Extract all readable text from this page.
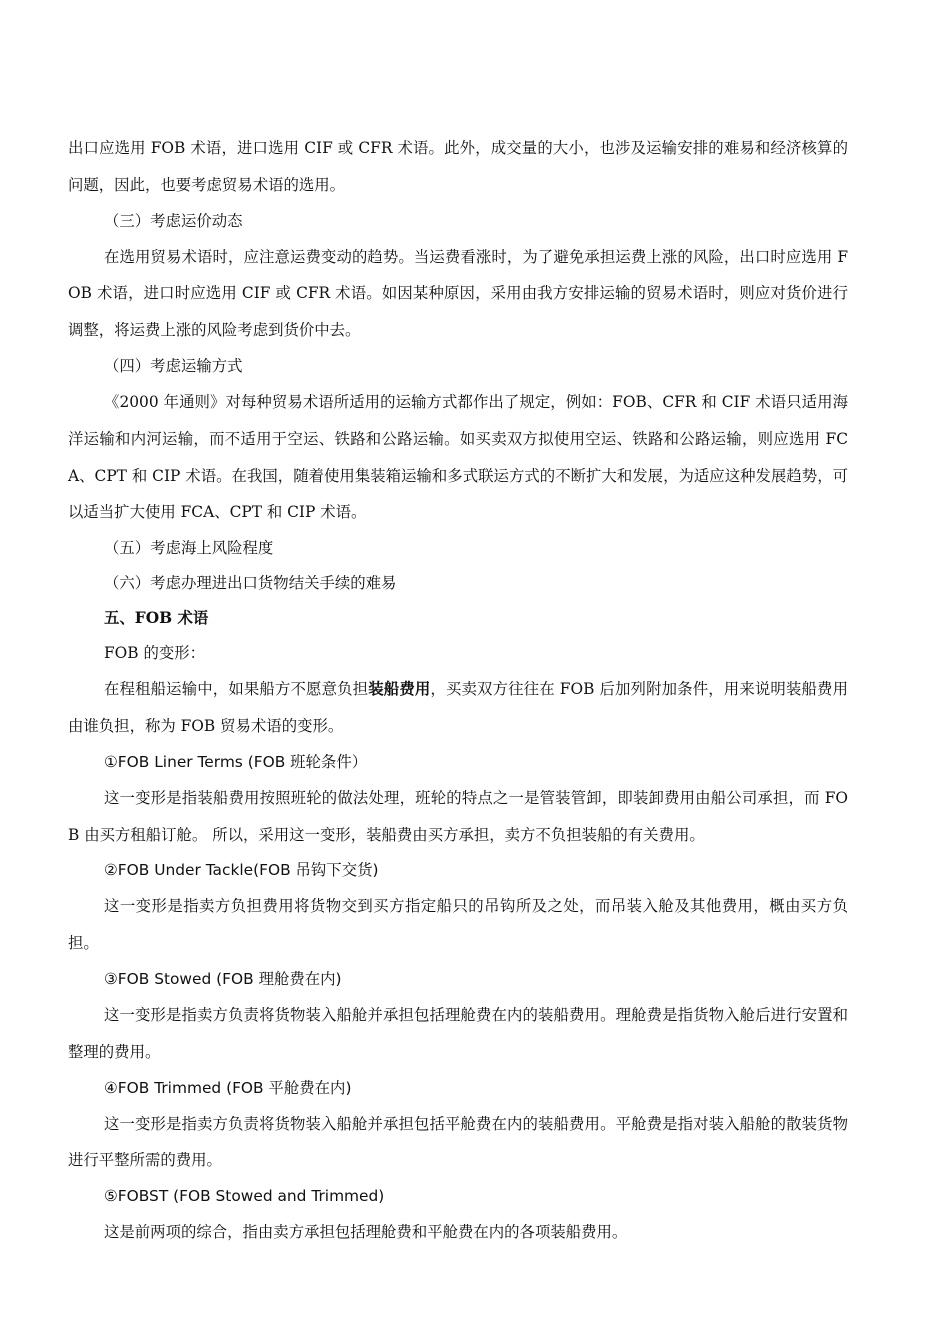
出口应选用 FOB 术语，进口选用 CIF 或 CFR 术语。此外，成交量的大小，也涉及运输安排的难易和经济核算的问题，因此，也要考虑贸易术语的选用。

（三）考虑运价动态

在选用贸易术语时，应注意运费变动的趋势。当运费看涨时，为了避免承担运费上涨的风险，出口时应选用 FOB 术语，进口时应选用 CIF 或 CFR 术语。如因某种原因，采用由我方安排运输的贸易术语时，则应对货价进行调整，将运费上涨的风险考虑到货价中去。

（四）考虑运输方式

《2000 年通则》对每种贸易术语所适用的运输方式都作出了规定，例如：FOB、CFR 和 CIF 术语只适用海洋运输和内河运输，而不适用于空运、铁路和公路运输。如买卖双方拟使用空运、铁路和公路运输，则应选用 FCA、CPT 和 CIP 术语。在我国，随着使用集装箱运输和多式联运方式的不断扩大和发展，为适应这种发展趋势，可以适当扩大使用 FCA、CPT 和 CIP 术语。

（五）考虑海上风险程度

（六）考虑办理进出口货物结关手续的难易

五、FOB 术语

FOB 的变形：

在程租船运输中，如果船方不愿意负担装船费用，买卖双方往往在 FOB 后加列附加条件，用来说明装船费用由谁负担，称为 FOB 贸易术语的变形。

①FOB Liner Terms (FOB 班轮条件）

这一变形是指装船费用按照班轮的做法处理，班轮的特点之一是管装管卸，即装卸费用由船公司承担，而 FOB 由买方租船订舱。 所以，采用这一变形，装船费由买方承担，卖方不负担装船的有关费用。

②FOB Under Tackle(FOB 吊钩下交货)

这一变形是指卖方负担费用将货物交到买方指定船只的吊钩所及之处，而吊装入舱及其他费用，概由买方负担。

③FOB Stowed (FOB 理舱费在内)

这一变形是指卖方负责将货物装入船舱并承担包括理舱费在内的装船费用。理舱费是指货物入舱后进行安置和整理的费用。

④FOB Trimmed (FOB 平舱费在内)

这一变形是指卖方负责将货物装入船舱并承担包括平舱费在内的装船费用。平舱费是指对装入船舱的散装货物进行平整所需的费用。

⑤FOBST (FOB Stowed and Trimmed)

这是前两项的综合，指由卖方承担包括理舱费和平舱费在内的各项装船费用。
